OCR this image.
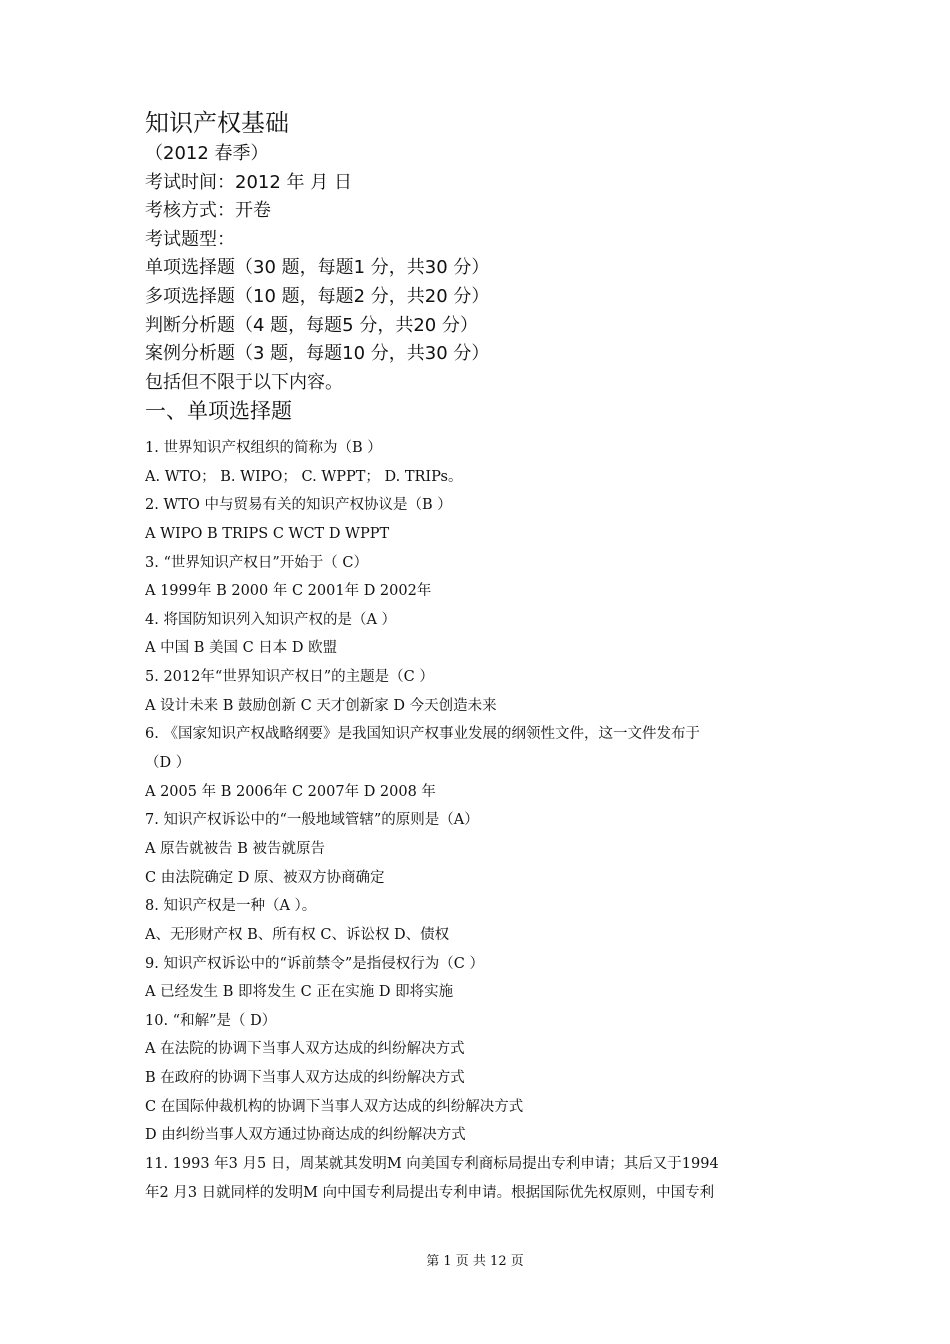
知识产权基础

（2012 春季）

考试时间：2012 年 月 日

考核方式：开卷

考试题型：

单项选择题（30 题，每题1 分，共30 分）

多项选择题（10 题，每题2 分，共20 分）

判断分析题（4 题，每题5 分，共20 分）

案例分析题（3 题，每题10 分，共30 分）

包括但不限于以下内容。

一、单项选择题

1. 世界知识产权组织的简称为（B ）

A. WTO； B. WIPO； C. WPPT； D. TRIPs。

2. WTO 中与贸易有关的知识产权协议是（B ）

A WIPO B TRIPS C WCT D WPPT

3. “世界知识产权日”开始于（ C）

A 1999年 B 2000 年 C 2001年 D 2002年

4. 将国防知识列入知识产权的是（A ）

A 中国 B 美国 C 日本 D 欧盟

5. 2012年“世界知识产权日”的主题是（C ）

A 设计未来 B 鼓励创新 C 天才创新家 D 今天创造未来

6. 《国家知识产权战略纲要》是我国知识产权事业发展的纲领性文件，这一文件发布于

（D ）

A 2005 年 B 2006年 C 2007年 D 2008 年

7. 知识产权诉讼中的“一般地域管辖”的原则是（A）

A 原告就被告 B 被告就原告

C 由法院确定 D 原、被双方协商确定

8. 知识产权是一种（A ）。

A、无形财产权 B、所有权 C、诉讼权 D、债权

9. 知识产权诉讼中的“诉前禁令”是指侵权行为（C ）

A 已经发生 B 即将发生 C 正在实施 D 即将实施

10. “和解”是（ D）

A 在法院的协调下当事人双方达成的纠纷解决方式

B 在政府的协调下当事人双方达成的纠纷解决方式

C 在国际仲裁机构的协调下当事人双方达成的纠纷解决方式

D 由纠纷当事人双方通过协商达成的纠纷解决方式

11. 1993 年3 月5 日，周某就其发明M 向美国专利商标局提出专利申请；其后又于1994

年2 月3 日就同样的发明M 向中国专利局提出专利申请。根据国际优先权原则，中国专利

第 1 页 共 12 页
